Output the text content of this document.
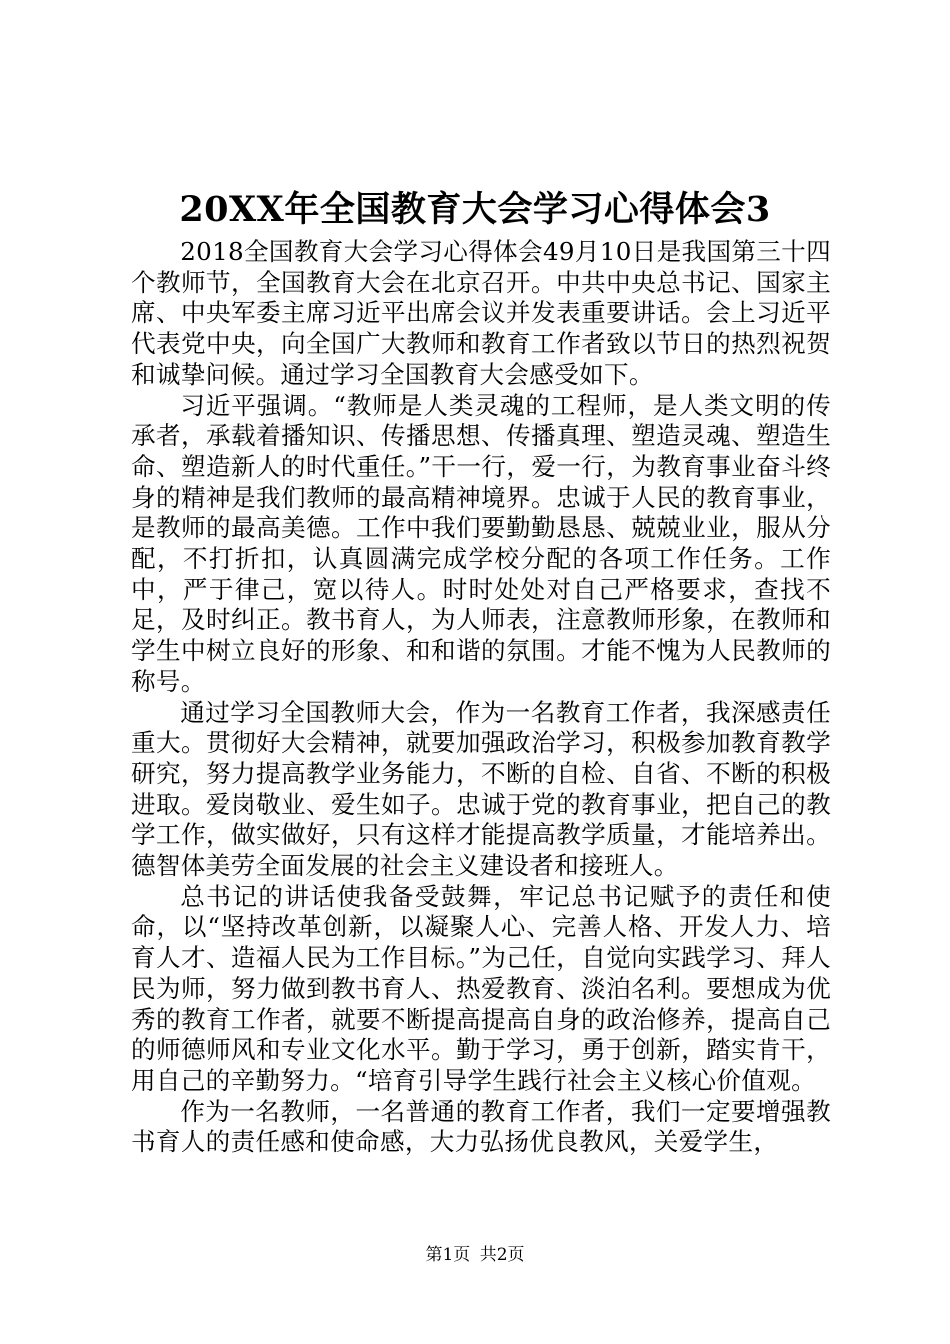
20XX年全国教育大会学习心得体会3

2018全国教育大会学习心得体会49月10日是我国第三十四个教师节，全国教育大会在北京召开。中共中央总书记、国家主席、中央军委主席习近平出席会议并发表重要讲话。会上习近平代表党中央，向全国广大教师和教育工作者致以节日的热烈祝贺和诚挚问候。通过学习全国教育大会感受如下。

习近平强调。“教师是人类灵魂的工程师，是人类文明的传承者，承载着播知识、传播思想、传播真理、塑造灵魂、塑造生命、塑造新人的时代重任。”干一行，爱一行，为教育事业奋斗终身的精神是我们教师的最高精神境界。忠诚于人民的教育事业，是教师的最高美德。工作中我们要勤勤恳恳、兢兢业业，服从分配，不打折扣，认真圆满完成学校分配的各项工作任务。工作中，严于律己，宽以待人。时时处处对自己严格要求，查找不足，及时纠正。教书育人，为人师表，注意教师形象，在教师和学生中树立良好的形象、和和谐的氛围。才能不愧为人民教师的称号。

通过学习全国教师大会，作为一名教育工作者，我深感责任重大。贯彻好大会精神，就要加强政治学习，积极参加教育教学研究，努力提高教学业务能力，不断的自检、自省、不断的积极进取。爱岗敬业、爱生如子。忠诚于党的教育事业，把自己的教学工作，做实做好，只有这样才能提高教学质量，才能培养出。德智体美劳全面发展的社会主义建设者和接班人。

总书记的讲话使我备受鼓舞，牢记总书记赋予的责任和使命，以“坚持改革创新，以凝聚人心、完善人格、开发人力、培育人才、造福人民为工作目标。”为己任，自觉向实践学习、拜人民为师，努力做到教书育人、热爱教育、淡泊名利。要想成为优秀的教育工作者，就要不断提高提高自身的政治修养，提高自己的师德师风和专业文化水平。勤于学习，勇于创新，踏实肯干，用自己的辛勤努力。“培育引导学生践行社会主义核心价值观。

作为一名教师，一名普通的教育工作者，我们一定要增强教书育人的责任感和使命感，大力弘扬优良教风，关爱学生，

第1页 共2页
